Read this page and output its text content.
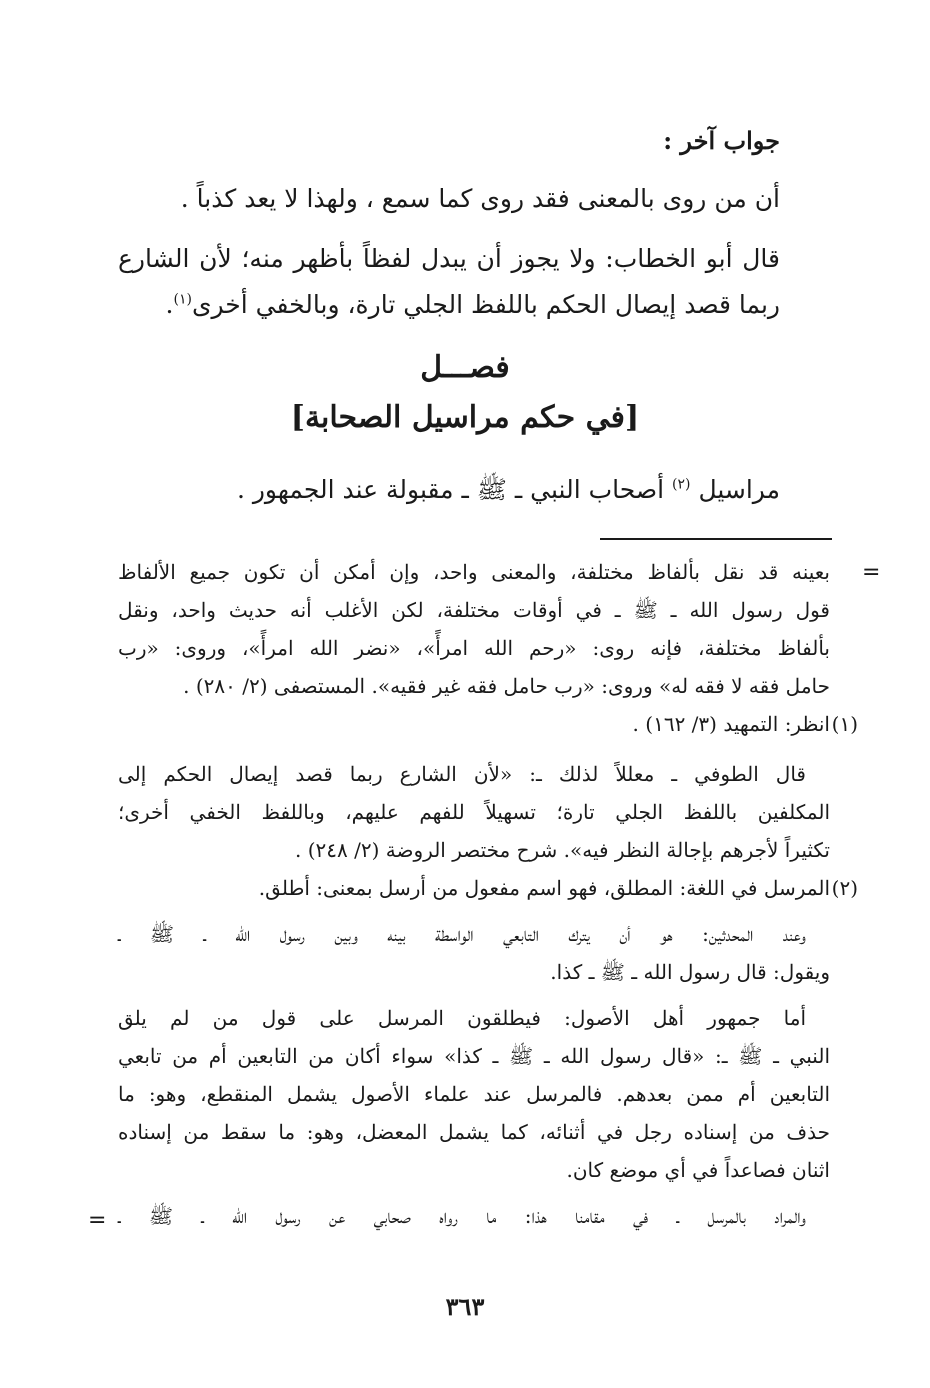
جواب آخر :
أن من روى بالمعنى فقد روى كما سمع ، ولهذا لا يعد كذباً .
قال أبو الخطاب: ولا يجوز أن يبدل لفظاً بأظهر منه؛ لأن الشارع
ربما قصد إيصال الحكم باللفظ الجلي تارة، وبالخفي أخرى$^{(١)}$.
فصـــل
[في حكم مراسيل الصحابة]
مراسيل $^{(٢)}$ أصحاب النبي ـ ﷺ ـ مقبولة عند الجمهور .
=
بعينه قد نقل بألفاظ مختلفة، والمعنى واحد، وإن أمكن أن تكون جميع الألفاظ
قول رسول الله ـ ﷺ ـ في أوقات مختلفة، لكن الأغلب أنه حديث واحد، ونقل
بألفاظ مختلفة، فإنه روى: «رحم الله امرأً»، «نضر الله امرأً»، وروى: «رب
حامل فقه لا فقه له» وروى: «رب حامل فقه غير فقيه». المستصفى (٢/ ٢٨٠) .
(١)
انظر: التمهيد (٣/ ١٦٢) .
قال الطوفي ـ معللاً لذلك ـ: «لأن الشارع ربما قصد إيصال الحكم إلى
المكلفين باللفظ الجلي تارة؛ تسهيلاً للفهم عليهم، وباللفظ الخفي أخرى؛
تكثيراً لأجرهم بإجالة النظر فيه». شرح مختصر الروضة (٢/ ٢٤٨) .
(٢)
المرسل في اللغة: المطلق، فهو اسم مفعول من أرسل بمعنى: أطلق.
وعند المحدثين: هو أن يترك التابعي الواسطة بينه وبين رسول الله ـ ﷺ ـ
ويقول: قال رسول الله ـ ﷺ ـ كذا.
أما جمهور أهل الأصول: فيطلقون المرسل على قول من لم يلق
النبي ـ ﷺ ـ: «قال رسول الله ـ ﷺ ـ كذا» سواء أكان من التابعين أم من تابعي
التابعين أم ممن بعدهم. فالمرسل عند علماء الأصول يشمل المنقطع، وهو: ما
حذف من إسناده رجل في أثنائه، كما يشمل المعضل، وهو: ما سقط من إسناده
اثنان فصاعداً في أي موضع كان.
والمراد بالمرسل ـ في مقامنا هذا: ما رواه صحابي عن رسول الله ـ ﷺ ـ
=
٣٦٣
